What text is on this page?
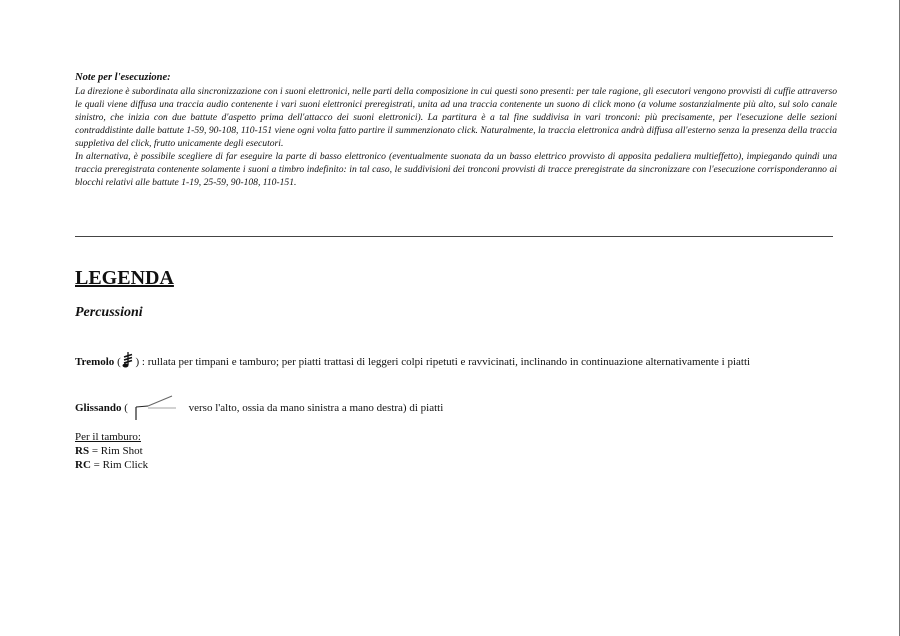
Note per l'esecuzione:

La direzione è subordinata alla sincronizzazione con i suoni elettronici, nelle parti della composizione in cui questi sono presenti: per tale ragione, gli esecutori vengono provvisti di cuffie attraverso le quali viene diffusa una traccia audio contenente i vari suoni elettronici preregistrati, unita ad una traccia contenente un suono di click mono (a volume sostanzialmente più alto, sul solo canale sinistro, che inizia con due battute d'aspetto prima dell'attacco dei suoni elettronici). La partitura è a tal fine suddivisa in vari tronconi: più precisamente, per l'esecuzione delle sezioni contraddistinte dalle battute 1-59, 90-108, 110-151 viene ogni volta fatto partire il summenzionato click. Naturalmente, la traccia elettronica andrà diffusa all'esterno senza la presenza della traccia suppletiva del click, frutto unicamente degli esecutori.

In alternativa, è possibile scegliere di far eseguire la parte di basso elettronico (eventualmente suonata da un basso elettrico provvisto di apposita pedaliera multieffetto), impiegando quindi una traccia preregistrata contenente solamente i suoni a timbro indefinito: in tal caso, le suddivisioni dei tronconi provvisti di tracce preregistrate da sincronizzare con l'esecuzione corrisponderanno ai blocchi relativi alle battute 1-19, 25-59, 90-108, 110-151.

LEGENDA
Percussioni
Tremolo ( ) : rullata per timpani e tamburo; per piatti trattasi di leggeri colpi ripetuti e ravvicinati, inclinando in continuazione alternativamente i piatti
Glissando (	verso l'alto, ossia da mano sinistra a mano destra) di piatti
Per il tamburo:
RS = Rim Shot
RC = Rim Click
